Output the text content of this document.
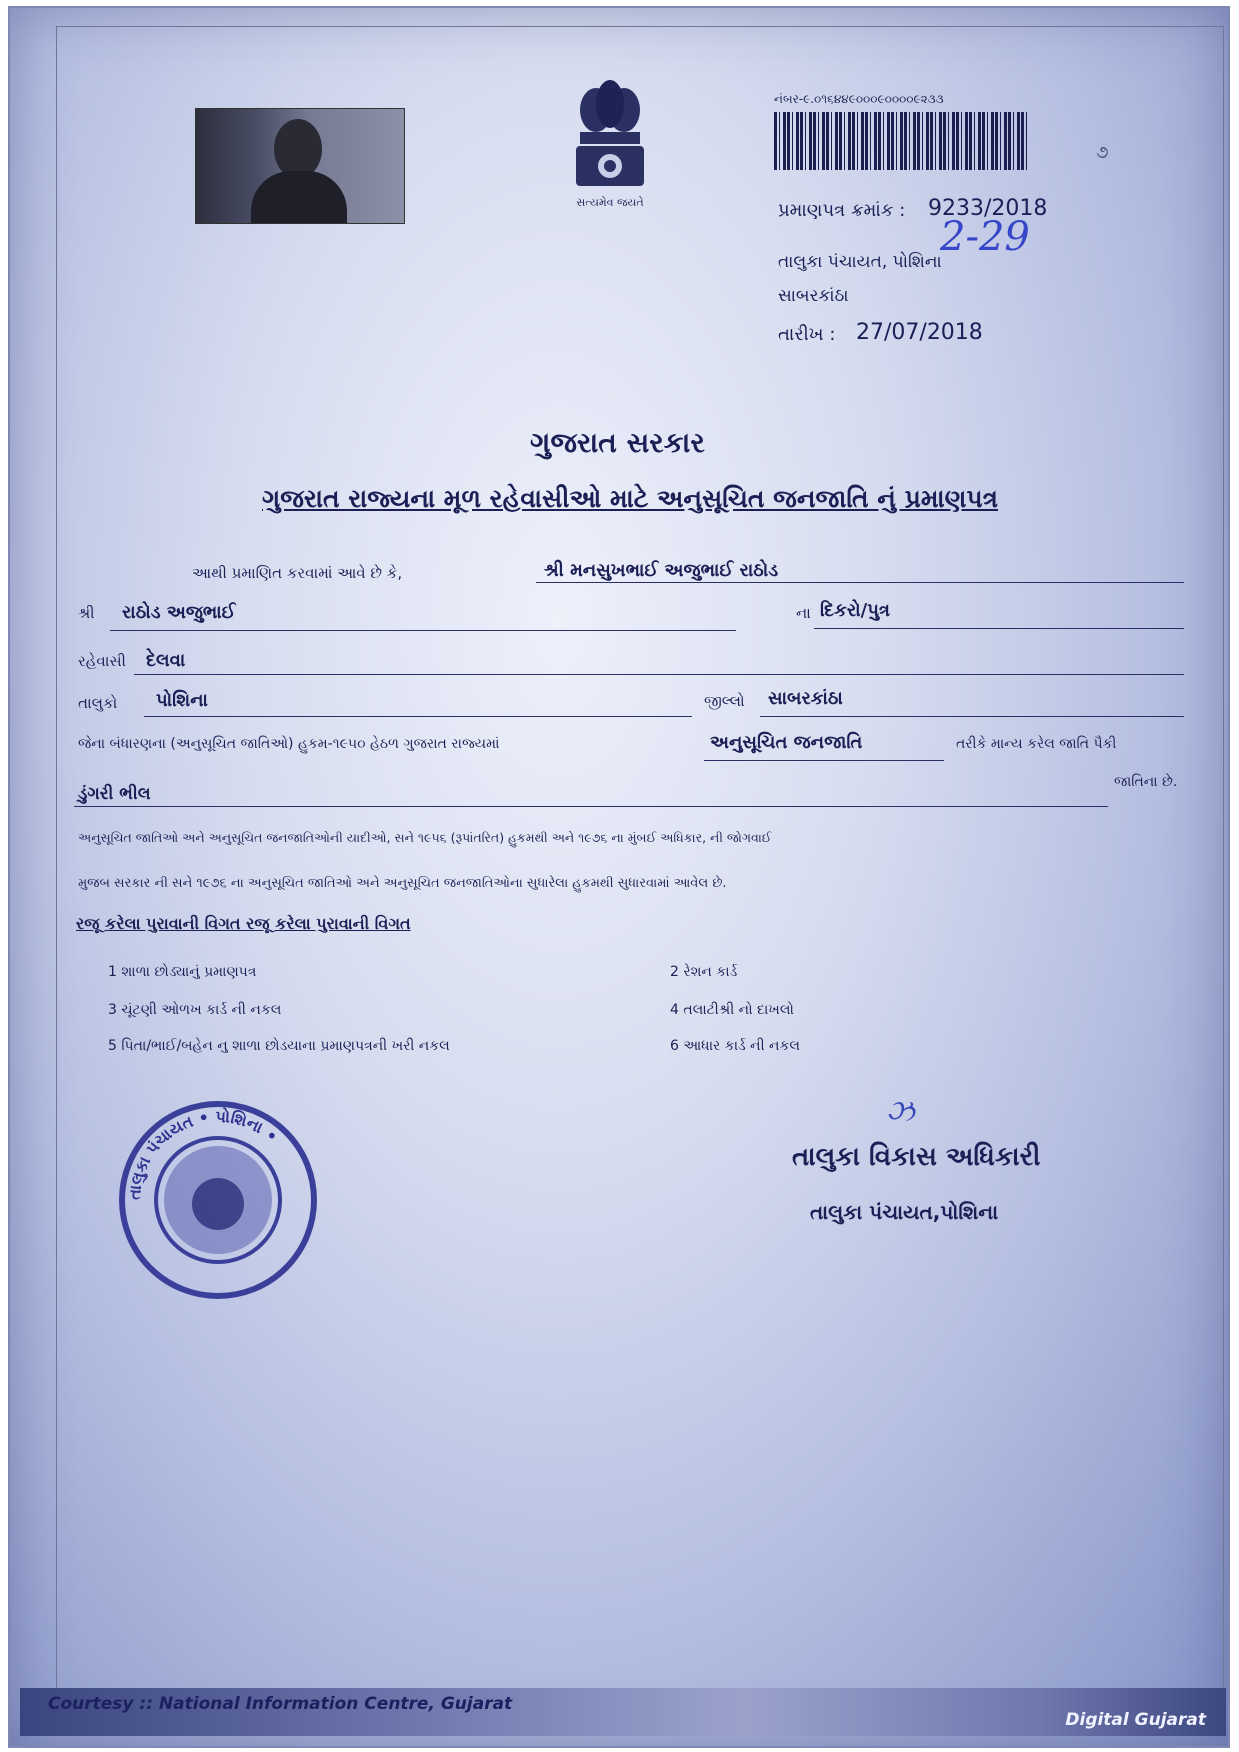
સત્યમેવ જયતે
નંબર-૯.૦૧૬૪૪૯૦૦૦૯૦૦૦૦૯૨૩૩
૭
પ્રમાણપત્ર ક્રમાંક : 9233/2018
તાલુકા પંચાયત, પોશિના
2-29
સાબરકાંઠા
તારીખ : 27/07/2018
ગુજરાત સરકાર
ગુજરાત રાજ્યના મૂળ રહેવાસીઓ માટે અનુસૂચિત જનજાતિ નું પ્રમાણપત્ર
આથી પ્રમાણિત કરવામાં આવે છે કે,	શ્રી મનસુખભાઈ અજુભાઈ રાઠોડ
શ્રી રાઠોડ અજુભાઈ	ના દિકરો/પુત્ર
રહેવાસી દેલવા
તાલુકો પોશિના	જીલ્લો સાબરકાંઠા
જેના બંધારણના (અનુસૂચિત જાતિઓ) હુકમ-૧૯૫૦ હેઠળ ગુજરાત રાજ્યમાં	અનુસૂચિત જનજાતિ	તરીકે માન્ય કરેલ જાતિ પૈકી
ડુંગરી ભીલ
જાતિના છે.
અનુસૂચિત જાતિઓ અને અનુસૂચિત જનજાતિઓની યાદીઓ, સને ૧૯૫૬ (રૂપાંતરિત) હુકમથી અને ૧૯૭૬ ના મુંબઈ અધિકાર, ની જોગવાઈ
મુજબ સરકાર ની સને ૧૯૭૬ ના અનુસૂચિત જાતિઓ અને અનુસૂચિત જનજાતિઓના સુધારેલા હુકમથી સુધારવામાં આવેલ છે.
રજૂ કરેલા પુરાવાની વિગત રજૂ કરેલા પુરાવાની વિગત
1 શાળા છોડ્યાનું પ્રમાણપત્ર	2 રેશન કાર્ડ
3 ચૂંટણી ઓળખ કાર્ડ ની નકલ	4 તલાટીશ્રી નો દાખલો
5 પિતા/ભાઈ/બહેન નુ શાળા છોડયાના પ્રમાણપત્રની ખરી નકલ	6 આધાર કાર્ડ ની નકલ
તાલુકા પંચાયત • પોશિના •
ઝ
તાલુકા વિકાસ અધિકારી
તાલુકા પંચાયત,પોશિના
Courtesy :: National Information Centre, Gujarat
Digital Gujarat
